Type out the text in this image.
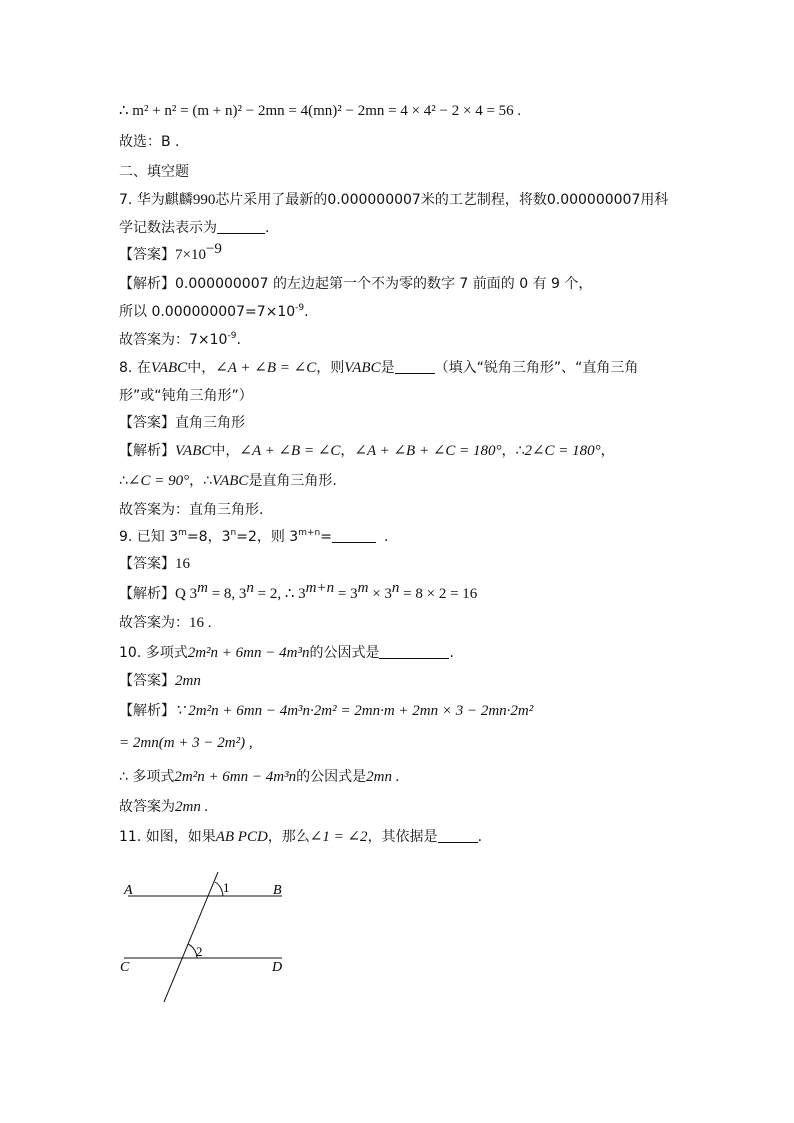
∴ m² + n² = (m + n)² − 2mn = 4(mn)² − 2mn = 4 × 4² − 2 × 4 = 56 .
故选：B .
二、填空题
7. 华为麒麟990芯片采用了最新的0.000000007米的工艺制程，将数0.000000007用科
学记数法表示为	.
【答案】$7\times 10^{-9}$
【解析】0.000000007 的左边起第一个不为零的数字 7 前面的 0 有 9 个，
所以 $0.000000007=7\times 10^{-9}$.
故答案为：$7\times 10^{-9}$.
8. 在VABC中，∠A + ∠B = ∠C，则VABC是	（填入“锐角三角形”、“直角三角
形”或“钝角三角形”）
【答案】直角三角形
【解析】VABC中，∠A + ∠B = ∠C，∠A + ∠B + ∠C = 180°，∴2∠C = 180°，
∴∠C = 90°，∴VABC是直角三角形.
故答案为：直角三角形.
9. 已知 $3^m=8$，$3^n=2$，则 $3^{m+n}=$	.
【答案】16
【解析】Q $3^m = 8$, $3^n = 2$, ∴ $3^{m+n} = 3^m \times 3^n = 8 \times 2 = 16$
故答案为：16 .
10. 多项式2m²n + 6mn − 4m³n的公因式是	.
【答案】2mn
【解析】∵ 2m²n + 6mn − 4m³n·2m² = 2mn·m + 2mn × 3 − 2mn·2m²
= 2mn(m + 3 − 2m²) ,
∴ 多项式2m²n + 6mn − 4m³n的公因式是2mn .
故答案为2mn .
11. 如图，如果AB PCD，那么∠1 = ∠2，其依据是	.
A	B
C	D
1
2
